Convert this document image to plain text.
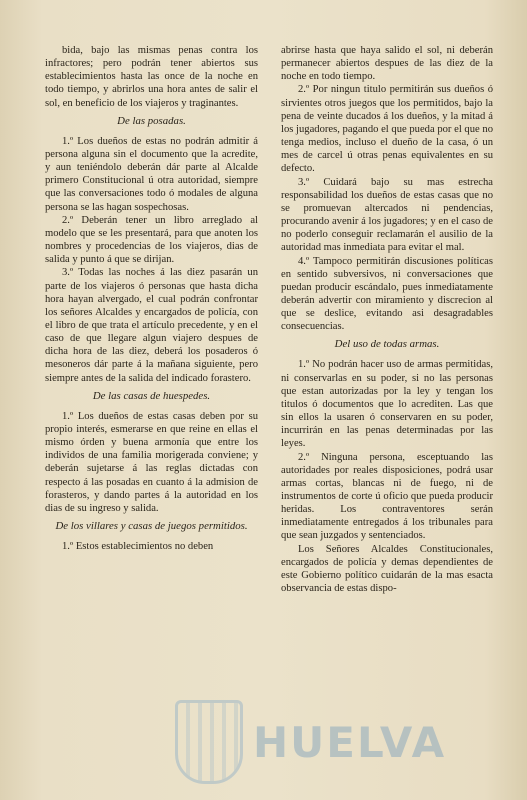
bida, bajo las mismas penas contra los infractores; pero podrán tener abiertos sus establecimientos hasta las once de la noche en todo tiempo, y abrirlos una hora antes de salir el sol, en beneficio de los viajeros y traginantes.

De las posadas.

1.º Los dueños de estas no podrán admitir á persona alguna sin el documento que la acredite, y aun teniéndolo deberán dár parte al Alcalde primero Constitucional ú otra autoridad, siempre que las conversaciones todo ó modales de alguna persona se las hagan sospechosas.

2.º Deberán tener un libro arreglado al modelo que se les presentará, para que anoten los nombres y procedencias de los viajeros, dias de salida y punto á que se dirijan.

3.º Todas las noches á las diez pasarán un parte de los viajeros ó personas que hasta dicha hora hayan alvergado, el cual podrán confrontar los señores Alcaldes y encargados de policía, con el libro de que trata el artículo precedente, y en el caso de que llegare algun viajero despues de dicha hora de las diez, deberá los posaderos ó mesoneros dár parte á la mañana siguiente, pero siempre antes de la salida del indicado forastero.

De las casas de huespedes.

1.º Los dueños de estas casas deben por su propio interés, esmerarse en que reine en ellas el mismo órden y buena armonía que entre los individos de una familia morigerada conviene; y deberán sujetarse á las reglas dictadas con respecto á las posadas en cuanto á la admision de forasteros, y dando partes á la autoridad en los dias de su ingreso y salida.

De los villares y casas de juegos permitidos.

1.º Estos establecimientos no deben

abrirse hasta que haya salido el sol, ni deberán permanecer abiertos despues de las diez de la noche en todo tiempo.

2.º Por ningun titulo permitirán sus dueños ó sirvientes otros juegos que los permitidos, bajo la pena de veinte ducados á los dueños, y la mitad á los jugadores, pagando el que pueda por el que no tenga medios, incluso el dueño de la casa, ó un mes de carcel ú otras penas equivalentes en su defecto.

3.º Cuidará bajo su mas estrecha responsabilidad los dueños de estas casas que no se promuevan altercados ni pendencias, procurando avenir á los jugadores; y en el caso de no poderlo conseguir reclamarán el ausilio de la autoridad mas inmediata para evitar el mal.

4.º Tampoco permitirán discusiones políticas en sentido subversivos, ni conversaciones que puedan producir escándalo, pues inmediatamente deberán advertir con miramiento y discrecion al que se deslice, evitando asi desagradables consecuencias.

Del uso de todas armas.

1.º No podrán hacer uso de armas permitidas, ni conservarlas en su poder, si no las personas que estan autorizadas por la ley y tengan los titulos ó documentos que lo acrediten. Las que sin ellos la usaren ó conservaren en su poder, incurrirán en las penas determinadas por las leyes.

2.º Ninguna persona, esceptuando las autoridades por reales disposiciones, podrá usar armas cortas, blancas ni de fuego, ni de instrumentos de corte ú oficio que pueda producir heridas. Los contraventores serán inmediatamente entregados á los tribunales para que sean juzgados y sentenciados.

Los Señores Alcaldes Constitucionales, encargados de policía y demas dependientes de este Gobierno político cuidarán de la mas esacta observancia de estas dispo-

HUELVA
